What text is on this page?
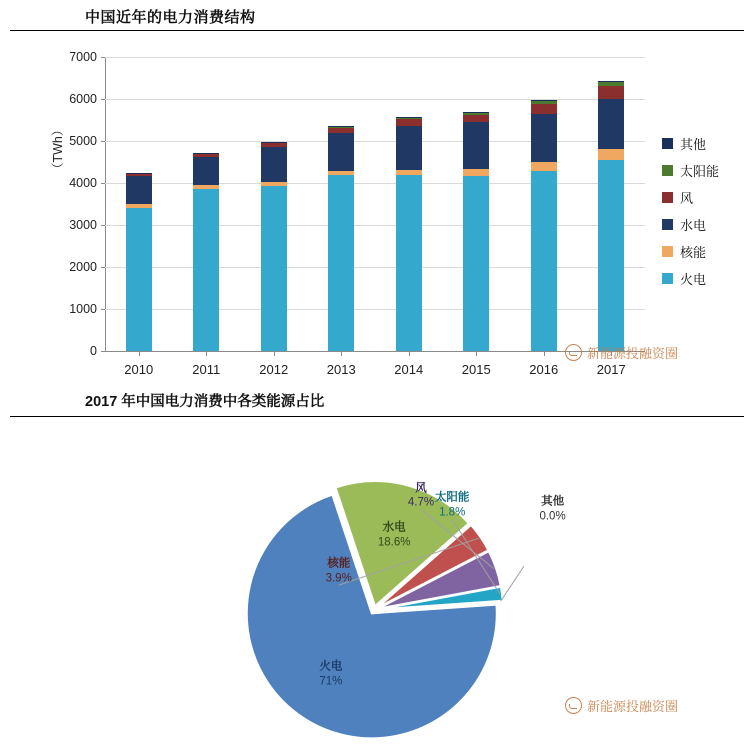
中国近年的电力消费结构
（TWh）
0
1000
2000
3000
4000
5000
6000
7000
2010	2011	2012	2013	2014	2015	2016	2017
其他
太阳能
风
水电
核能
火电
新能源投融资圈
2017 年中国电力消费中各类能源占比
火电
71%
水电
18.6%
核能
3.9%
风
4.7% 太阳能
1.8%
其他
0.0%
新能源投融资圈
